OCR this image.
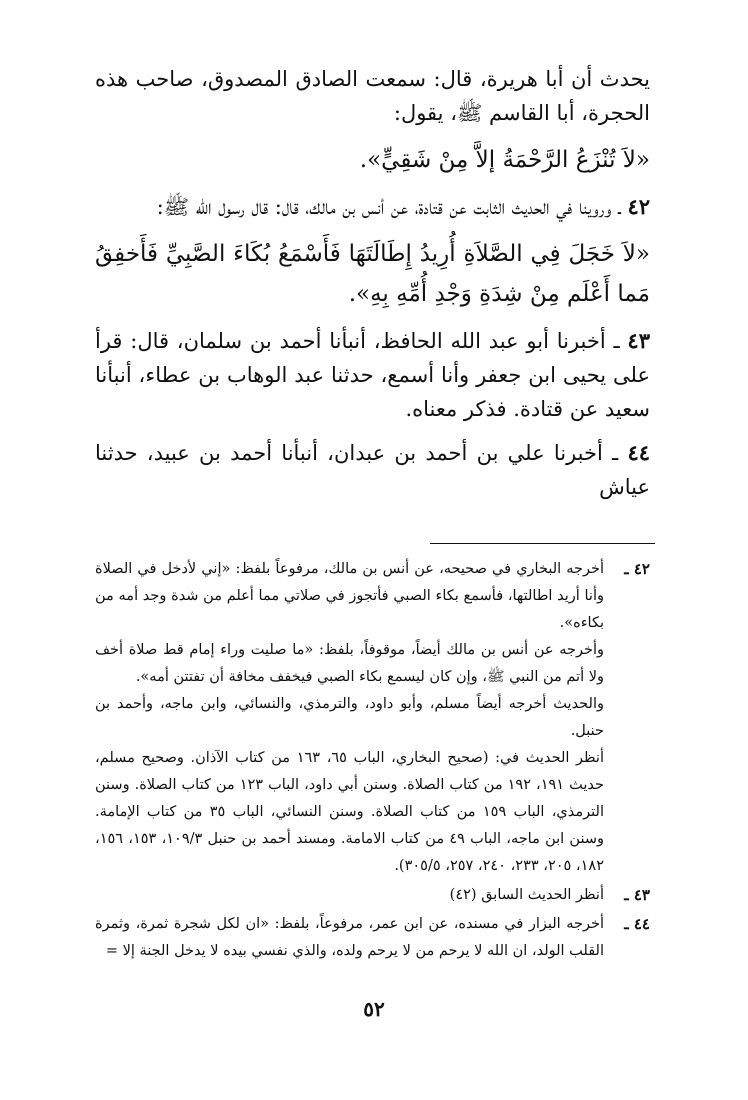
يحدث أن أبا هريرة، قال: سمعت الصادق المصدوق، صاحب هذه الحجرة، أبا القاسم ﷺ، يقول:

«لاَ تُنْزَعُ الرَّحْمَةُ إلاَّ مِنْ شَقِيٍّ».

٤٢ ـ وروينا في الحديث الثابت عن قتادة، عن أنس بن مالك، قال: قال رسول الله ﷺ:

«لاَ خَجَلَ فِي الصَّلاَةِ أُرِيدُ إِطَالَتَهَا فَأَسْمَعُ بُكَاءَ الصَّبِيِّ فَأَخفِقُ مَما أَعْلَم مِنْ شِدَةِ وَجْدِ أُمِّهِ بِهِ».

٤٣ ـ أخبرنا أبو عبد الله الحافظ، أنبأنا أحمد بن سلمان، قال: قرأ على يحيى ابن جعفر وأنا أسمع، حدثنا عبد الوهاب بن عطاء، أنبأنا سعيد عن قتادة. فذكر معناه.

٤٤ ـ أخبرنا علي بن أحمد بن عبدان، أنبأنا أحمد بن عبيد، حدثنا عياش

٤٢ ـ

أخرجه البخاري في صحيحه، عن أنس بن مالك، مرفوعاً بلفظ: «إني لأدخل في الصلاة وأنا أريد اطالتها، فأسمع بكاء الصبي فأتجوز في صلاتي مما أعلم من شدة وجد أمه من بكاءه».

وأخرجه عن أنس بن مالك أيضاً، موقوفاً، بلفظ: «ما صليت وراء إمام قط صلاة أخف ولا أتم من النبي ﷺ، وإن كان ليسمع بكاء الصبي فيخفف مخافة أن تفتتن أمه».

والحديث أخرجه أيضاً مسلم، وأبو داود، والترمذي، والنسائي، وابن ماجه، وأحمد بن حنبل.

أنظر الحديث في: (صحيح البخاري، الباب ٦٥، ١٦٣ من كتاب الآذان. وصحيح مسلم، حديث ١٩١، ١٩٢ من كتاب الصلاة. وسنن أبي داود، الباب ١٢٣ من كتاب الصلاة. وسنن الترمذي، الباب ١٥٩ من كتاب الصلاة. وسنن النسائي، الباب ٣٥ من كتاب الإمامة. وسنن ابن ماجه، الباب ٤٩ من كتاب الامامة. ومسند أحمد بن حنبل ١٠٩/٣، ١٥٣، ١٥٦، ١٨٢، ٢٠٥، ٢٣٣، ٢٤٠، ٢٥٧، ٣٠٥/٥).

٤٣ ـ

أنظر الحديث السابق (٤٢)

٤٤ ـ

أخرجه البزار في مسنده، عن ابن عمر، مرفوعاً، بلفظ: «ان لكل شجرة ثمرة، وثمرة القلب الولد، ان الله لا يرحم من لا يرحم ولده، والذي نفسي بيده لا يدخل الجنة إلا =

٥٢
